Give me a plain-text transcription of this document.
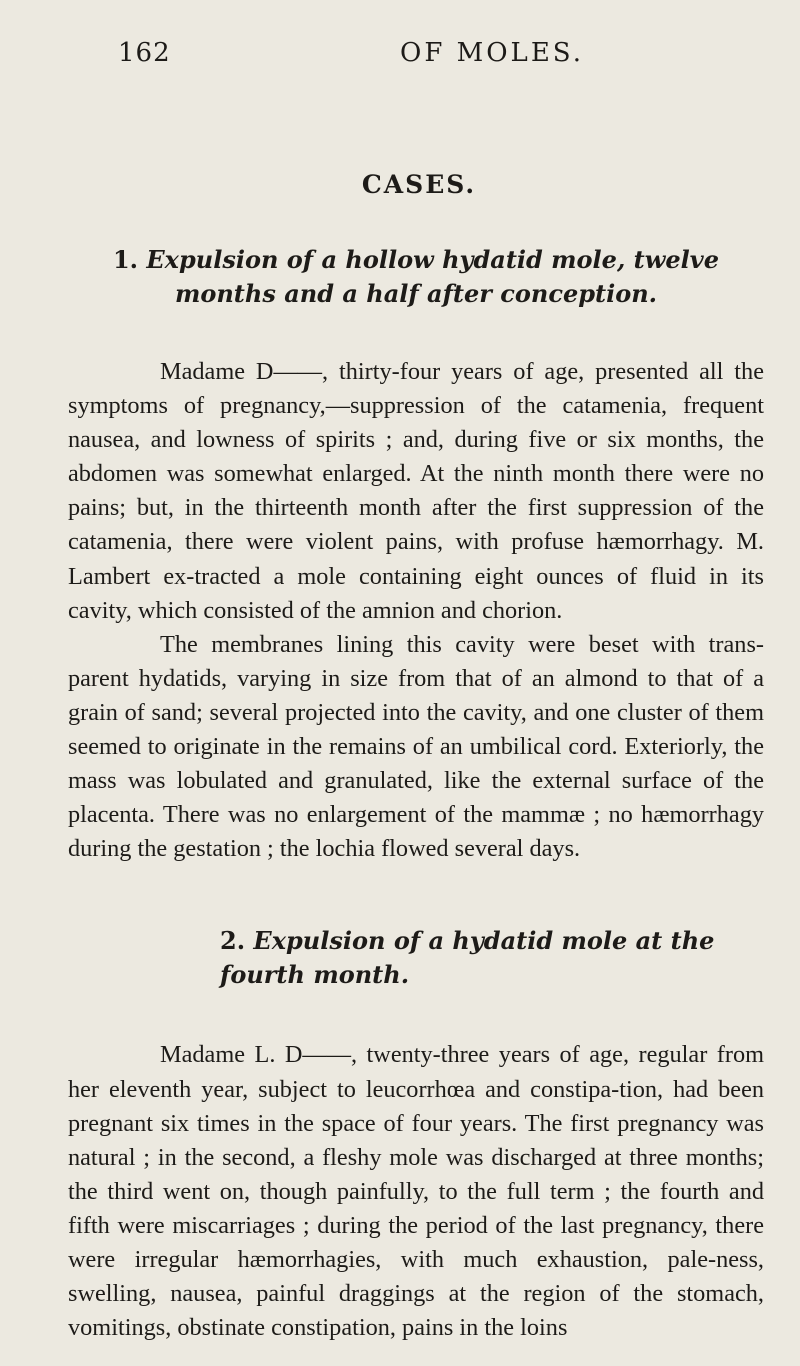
162	OF MOLES.
CASES.
1. Expulsion of a hollow hydatid mole, twelve months and a half after conception.

Madame D——, thirty-four years of age, presented all the symptoms of pregnancy,—suppression of the catamenia, frequent nausea, and lowness of spirits ; and, during five or six months, the abdomen was somewhat enlarged. At the ninth month there were no pains; but, in the thirteenth month after the first suppression of the catamenia, there were violent pains, with profuse hæmorrhagy. M. Lambert ex-tracted a mole containing eight ounces of fluid in its cavity, which consisted of the amnion and chorion.

The membranes lining this cavity were beset with trans-parent hydatids, varying in size from that of an almond to that of a grain of sand; several projected into the cavity, and one cluster of them seemed to originate in the remains of an umbilical cord. Exteriorly, the mass was lobulated and granulated, like the external surface of the placenta. There was no enlargement of the mammæ ; no hæmorrhagy during the gestation ; the lochia flowed several days.

2. Expulsion of a hydatid mole at the fourth month.

Madame L. D——, twenty-three years of age, regular from her eleventh year, subject to leucorrhœa and constipa-tion, had been pregnant six times in the space of four years. The first pregnancy was natural ; in the second, a fleshy mole was discharged at three months; the third went on, though painfully, to the full term ; the fourth and fifth were miscarriages ; during the period of the last pregnancy, there were irregular hæmorrhagies, with much exhaustion, pale-ness, swelling, nausea, painful draggings at the region of the stomach, vomitings, obstinate constipation, pains in the loins
